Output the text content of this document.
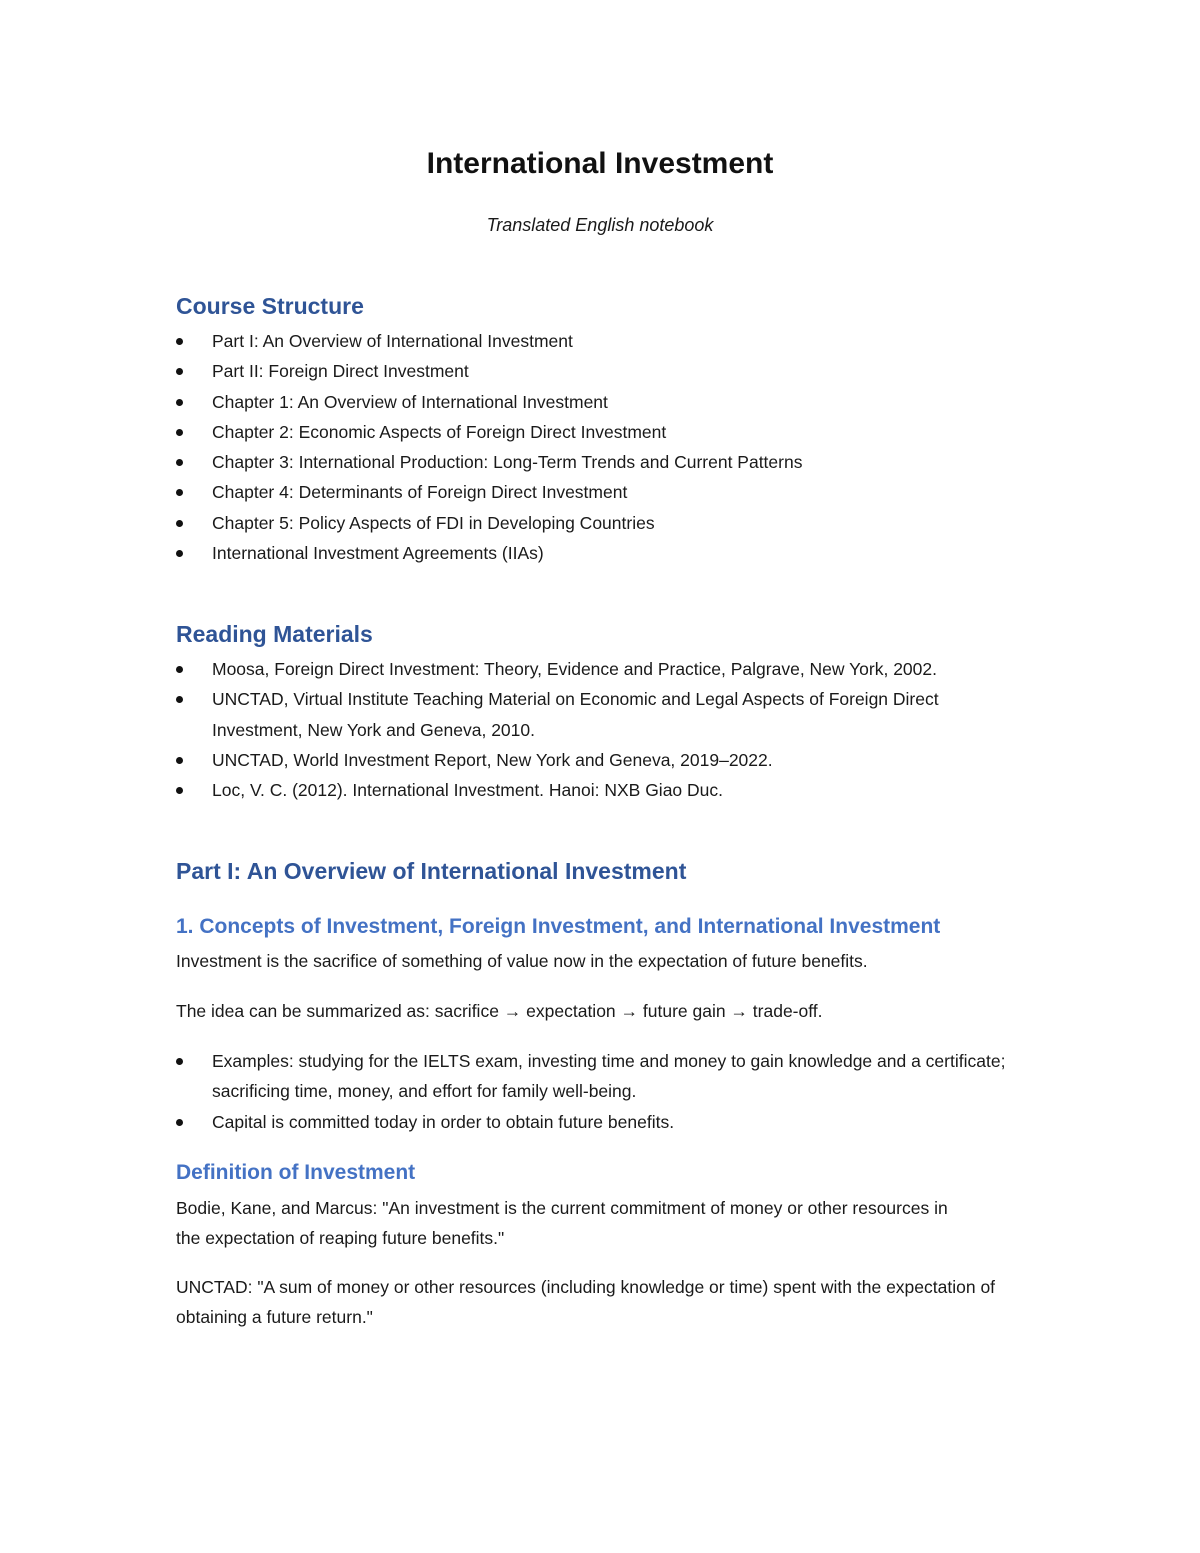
International Investment
Translated English notebook
Course Structure
Part I: An Overview of International Investment
Part II: Foreign Direct Investment
Chapter 1: An Overview of International Investment
Chapter 2: Economic Aspects of Foreign Direct Investment
Chapter 3: International Production: Long-Term Trends and Current Patterns
Chapter 4: Determinants of Foreign Direct Investment
Chapter 5: Policy Aspects of FDI in Developing Countries
International Investment Agreements (IIAs)
Reading Materials
Moosa, Foreign Direct Investment: Theory, Evidence and Practice, Palgrave, New York, 2002.
UNCTAD, Virtual Institute Teaching Material on Economic and Legal Aspects of Foreign Direct Investment, New York and Geneva, 2010.
UNCTAD, World Investment Report, New York and Geneva, 2019–2022.
Loc, V. C. (2012). International Investment. Hanoi: NXB Giao Duc.
Part I: An Overview of International Investment
1. Concepts of Investment, Foreign Investment, and International Investment

Investment is the sacrifice of something of value now in the expectation of future benefits.

The idea can be summarized as: sacrifice → expectation → future gain → trade-off.

Examples: studying for the IELTS exam, investing time and money to gain knowledge and a certificate; sacrificing time, money, and effort for family well-being.
Capital is committed today in order to obtain future benefits.
Definition of Investment

Bodie, Kane, and Marcus: "An investment is the current commitment of money or other resources in the expectation of reaping future benefits."

UNCTAD: "A sum of money or other resources (including knowledge or time) spent with the expectation of obtaining a future return."
